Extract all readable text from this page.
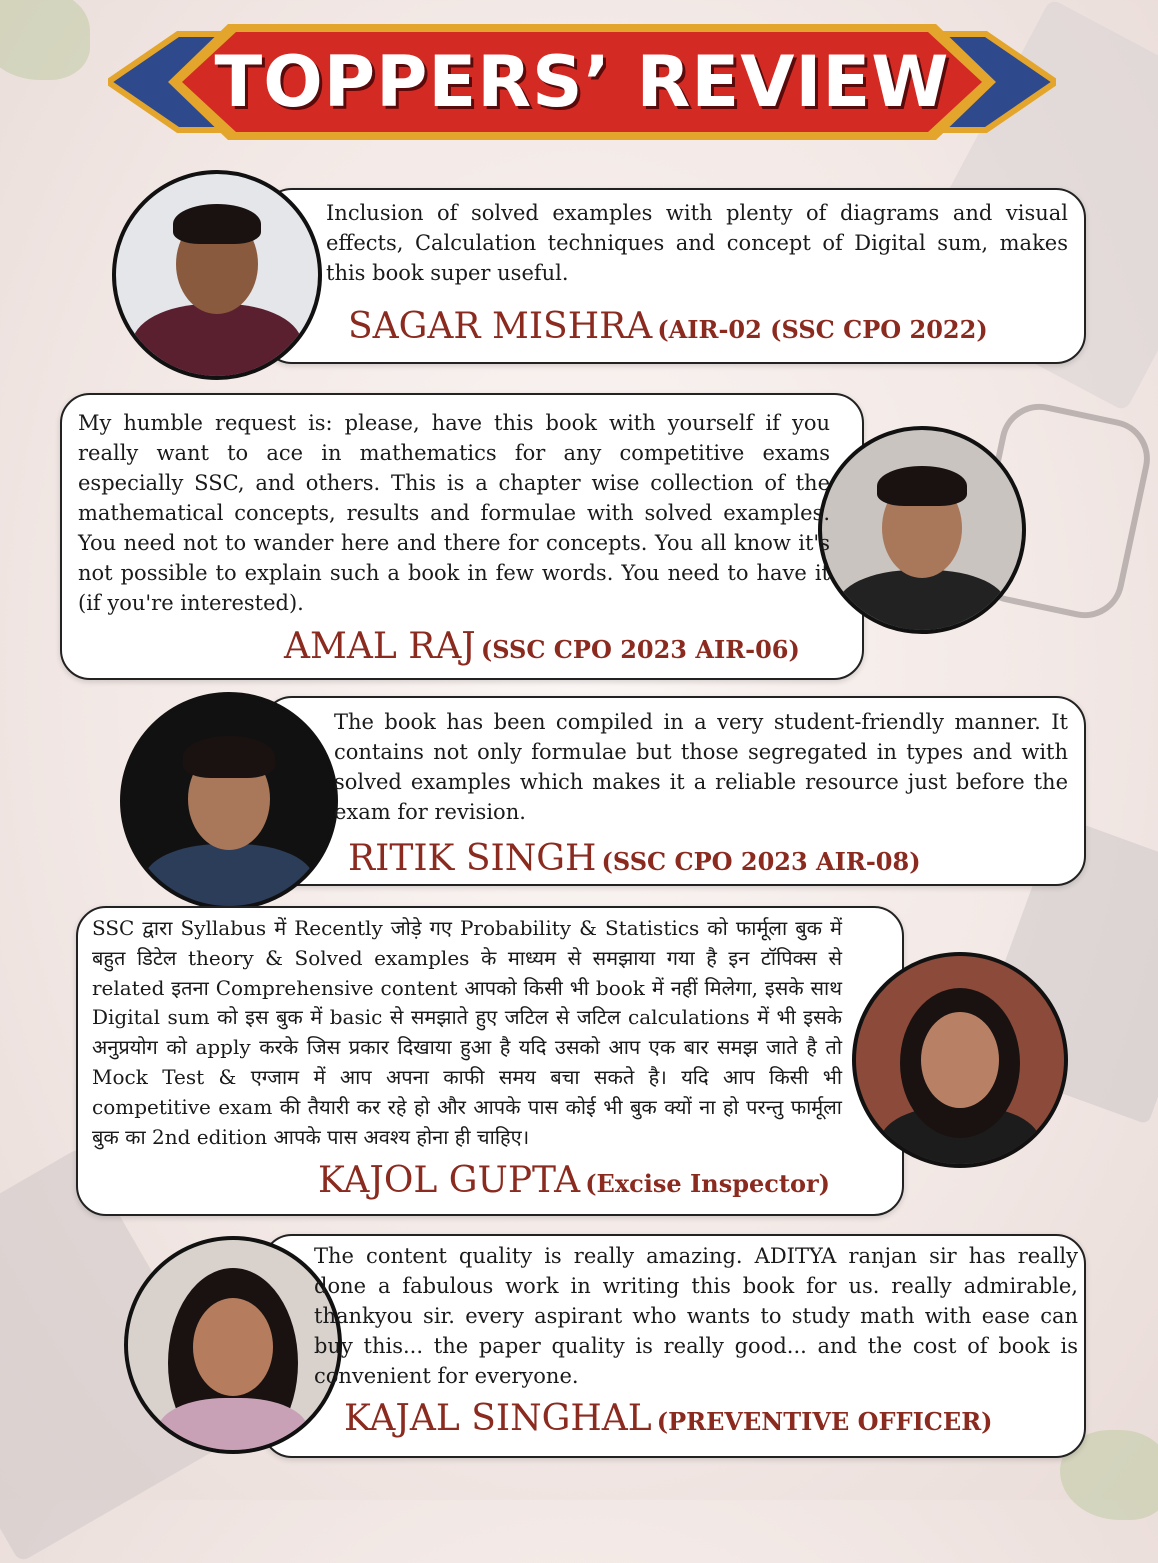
TOPPERS’ REVIEW

Inclusion of solved examples with plenty of diagrams and visual effects, Calculation techniques and concept of Digital sum, makes this book super useful.

SAGAR MISHRA (AIR-02 (SSC CPO 2022)

My humble request is: please, have this book with yourself if you really want to ace in mathematics for any competitive exams especially SSC, and others. This is a chapter wise collection of the mathematical concepts, results and formulae with solved examples. You need not to wander here and there for concepts. You all know it's not possible to explain such a book in few words. You need to have it (if you're interested).

AMAL RAJ (SSC CPO 2023 AIR-06)

The book has been compiled in a very student-friendly manner. It contains not only formulae but those segregated in types and with solved examples which makes it a reliable resource just before the exam for revision.

RITIK SINGH (SSC CPO 2023 AIR-08)

SSC द्वारा Syllabus में Recently जोड़े गए Probability & Statistics को फार्मूला बुक में बहुत डिटेल theory & Solved examples के माध्यम से समझाया गया है इन टॉपिक्स से related इतना Comprehensive content आपको किसी भी book में नहीं मिलेगा, इसके साथ Digital sum को इस बुक में basic से समझाते हुए जटिल से जटिल calculations में भी इसके अनुप्रयोग को apply करके जिस प्रकार दिखाया हुआ है यदि उसको आप एक बार समझ जाते है तो Mock Test & एग्जाम में आप अपना काफी समय बचा सकते है। यदि आप किसी भी competitive exam की तैयारी कर रहे हो और आपके पास कोई भी बुक क्यों ना हो परन्तु फार्मूला बुक का 2nd edition आपके पास अवश्य होना ही चाहिए।

KAJOL GUPTA (Excise Inspector)

The content quality is really amazing. ADITYA ranjan sir has really done a fabulous work in writing this book for us. really admirable, thankyou sir. every aspirant who wants to study math with ease can buy this... the paper quality is really good... and the cost of book is convenient for everyone.

KAJAL SINGHAL (PREVENTIVE OFFICER)
